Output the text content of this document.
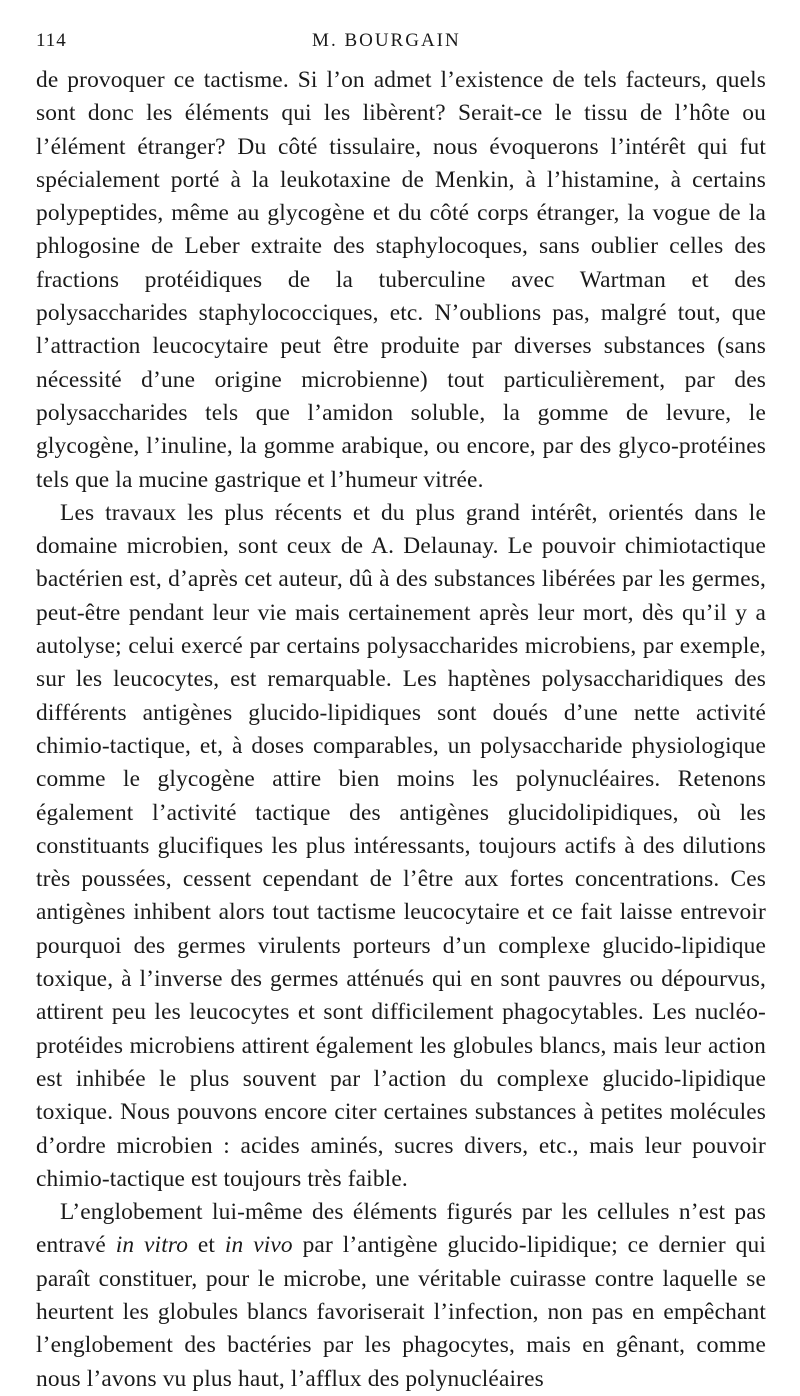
114	M. BOURGAIN

de provoquer ce tactisme. Si l’on admet l’existence de tels facteurs, quels sont donc les éléments qui les libèrent? Serait-ce le tissu de l’hôte ou l’élément étranger? Du côté tissulaire, nous évoquerons l’intérêt qui fut spécialement porté à la leukotaxine de Menkin, à l’histamine, à certains polypeptides, même au glycogène et du côté corps étranger, la vogue de la phlogosine de Leber extraite des staphylocoques, sans oublier celles des fractions protéidiques de la tuberculine avec Wartman et des polysaccharides staphylococciques, etc. N’oublions pas, malgré tout, que l’attraction leucocytaire peut être produite par diverses substances (sans nécessité d’une origine microbienne) tout particulièrement, par des polysaccharides tels que l’amidon soluble, la gomme de levure, le glycogène, l’inuline, la gomme arabique, ou encore, par des glyco-protéines tels que la mucine gastrique et l’humeur vitrée.

Les travaux les plus récents et du plus grand intérêt, orientés dans le domaine microbien, sont ceux de A. Delaunay. Le pouvoir chimiotactique bactérien est, d’après cet auteur, dû à des substances libérées par les germes, peut-être pendant leur vie mais certainement après leur mort, dès qu’il y a autolyse; celui exercé par certains polysaccharides microbiens, par exemple, sur les leucocytes, est remarquable. Les haptènes polysaccharidiques des différents antigènes glucido-lipidiques sont doués d’une nette activité chimio-tactique, et, à doses comparables, un polysaccharide physiologique comme le glycogène attire bien moins les polynucléaires. Retenons également l’activité tactique des antigènes glucidolipidiques, où les constituants glucifiques les plus intéressants, toujours actifs à des dilutions très poussées, cessent cependant de l’être aux fortes concentrations. Ces antigènes inhibent alors tout tactisme leucocytaire et ce fait laisse entrevoir pourquoi des germes virulents porteurs d’un complexe glucido-lipidique toxique, à l’inverse des germes atténués qui en sont pauvres ou dépourvus, attirent peu les leucocytes et sont difficilement phagocytables. Les nucléo-protéides microbiens attirent également les globules blancs, mais leur action est inhibée le plus souvent par l’action du complexe glucido-lipidique toxique. Nous pouvons encore citer certaines substances à petites molécules d’ordre microbien : acides aminés, sucres divers, etc., mais leur pouvoir chimio-tactique est toujours très faible.

L’englobement lui-même des éléments figurés par les cellules n’est pas entravé in vitro et in vivo par l’antigène glucido-lipidique; ce dernier qui paraît constituer, pour le microbe, une véritable cuirasse contre laquelle se heurtent les globules blancs favoriserait l’infection, non pas en empêchant l’englobement des bactéries par les phagocytes, mais en gênant, comme nous l’avons vu plus haut, l’afflux des polynucléaires
